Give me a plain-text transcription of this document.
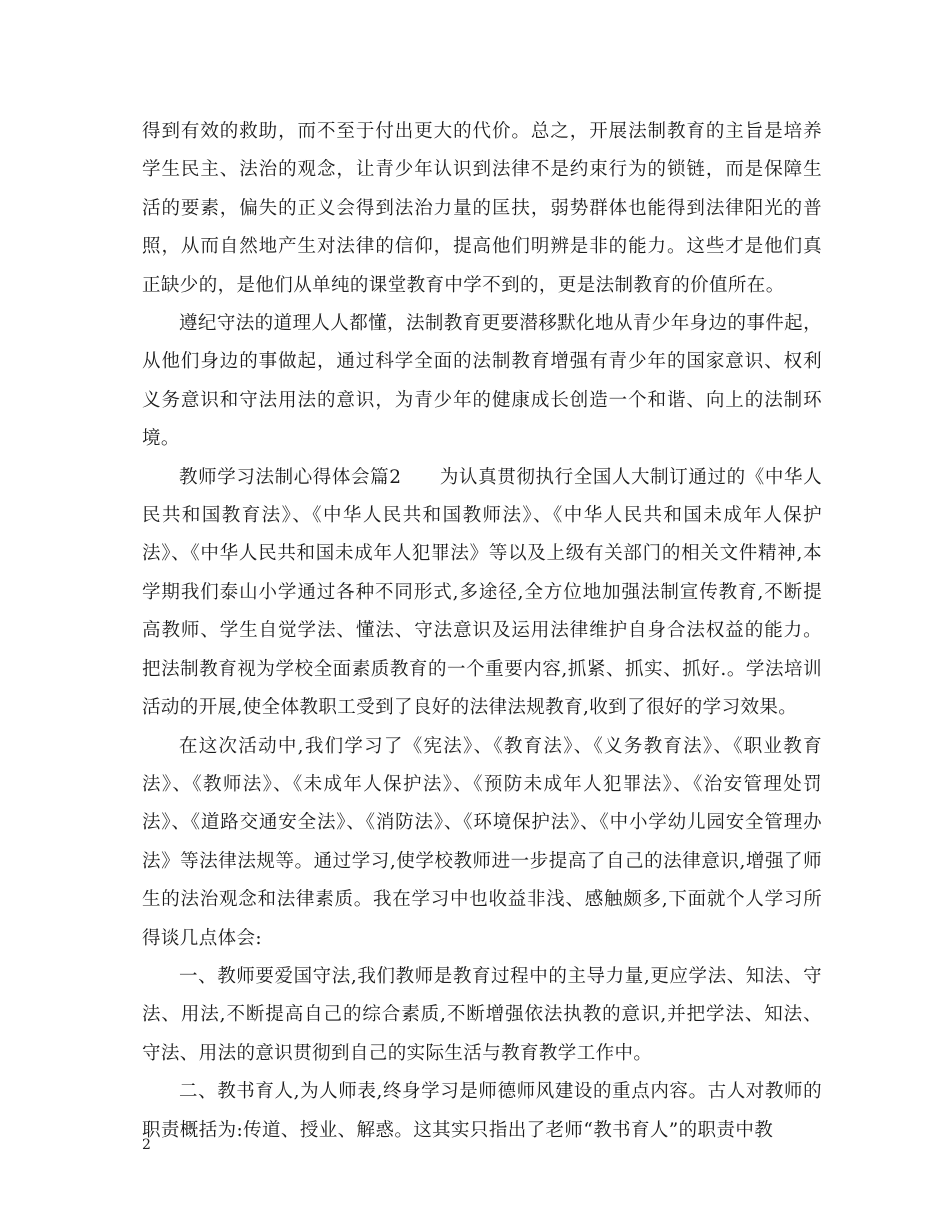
得到有效的救助，而不至于付出更大的代价。总之，开展法制教育的主旨是培养学生民主、法治的观念，让青少年认识到法律不是约束行为的锁链，而是保障生活的要素，偏失的正义会得到法治力量的匡扶，弱势群体也能得到法律阳光的普照，从而自然地产生对法律的信仰，提高他们明辨是非的能力。这些才是他们真正缺少的，是他们从单纯的课堂教育中学不到的，更是法制教育的价值所在。

遵纪守法的道理人人都懂，法制教育更要潜移默化地从青少年身边的事件起，从他们身边的事做起，通过科学全面的法制教育增强有青少年的国家意识、权利义务意识和守法用法的意识，为青少年的健康成长创造一个和谐、向上的法制环境。

教师学习法制心得体会篇2　　为认真贯彻执行全国人大制订通过的《中华人民共和国教育法》、《中华人民共和国教师法》、《中华人民共和国未成年人保护法》、《中华人民共和国未成年人犯罪法》等以及上级有关部门的相关文件精神,本学期我们泰山小学通过各种不同形式,多途径,全方位地加强法制宣传教育,不断提高教师、学生自觉学法、懂法、守法意识及运用法律维护自身合法权益的能力。把法制教育视为学校全面素质教育的一个重要内容,抓紧、抓实、抓好.。学法培训活动的开展,使全体教职工受到了良好的法律法规教育,收到了很好的学习效果。

在这次活动中,我们学习了《宪法》、《教育法》、《义务教育法》、《职业教育法》、《教师法》、《未成年人保护法》、《预防未成年人犯罪法》、《治安管理处罚法》、《道路交通安全法》、《消防法》、《环境保护法》、《中小学幼儿园安全管理办法》等法律法规等。通过学习,使学校教师进一步提高了自己的法律意识,增强了师生的法治观念和法律素质。我在学习中也收益非浅、感触颇多,下面就个人学习所得谈几点体会:

一、教师要爱国守法,我们教师是教育过程中的主导力量,更应学法、知法、守法、用法,不断提高自己的综合素质,不断增强依法执教的意识,并把学法、知法、守法、用法的意识贯彻到自己的实际生活与教育教学工作中。

二、教书育人,为人师表,终身学习是师德师风建设的重点内容。古人对教师的职责概括为:传道、授业、解惑。这其实只指出了老师“教书育人”的职责中教

2
